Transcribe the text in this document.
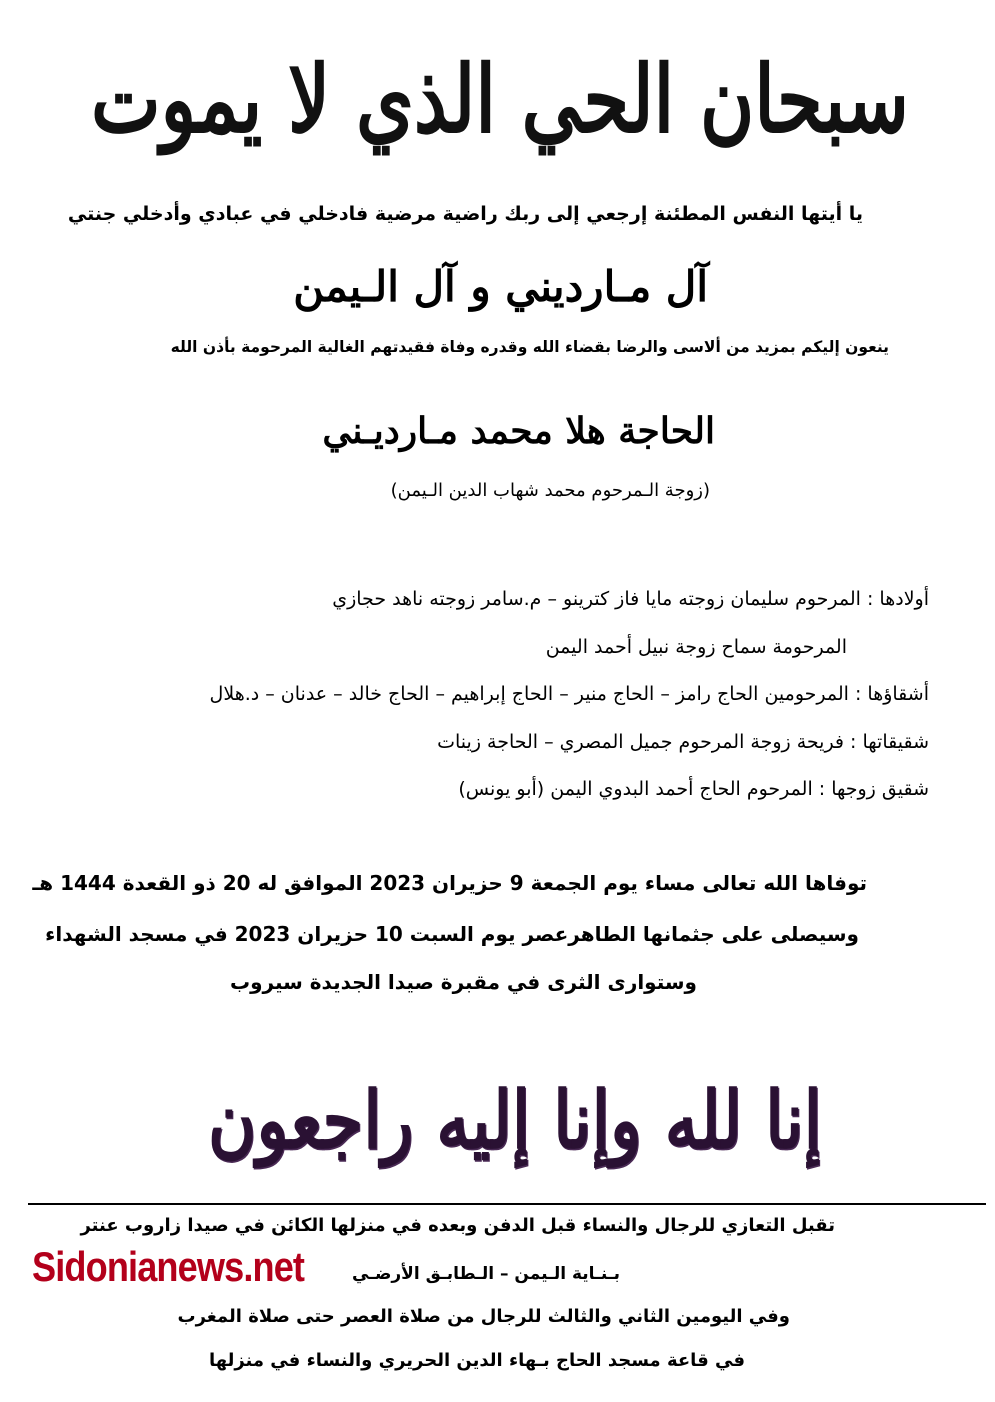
سبحان الحي الذي لا يموت
يا أيتها النفس المطئنة إرجعي إلى ربك راضية مرضية فادخلي في عبادي وأدخلي جنتي
آل مـارديني و آل الـيمن
ينعون إليكم بمزيد من ألاسى والرضا بقضاء الله وقدره وفاة فقيدتهم الغالية المرحومة بأذن الله
الحاجة هلا محمد مـارديـني
(زوجة الـمرحوم محمد شهاب الدين الـيمن)
أولادها : المرحوم سليمان زوجته مايا فاز كترينو – م.سامر زوجته ناهد حجازي
المرحومة سماح زوجة نبيل أحمد اليمن
أشقاؤها : المرحومين الحاج رامز – الحاج منير – الحاج إبراهيم – الحاج خالد – عدنان – د.هلال
شقيقاتها : فريحة زوجة المرحوم جميل المصري – الحاجة زينات
شقيق زوجها : المرحوم الحاج أحمد البدوي اليمن (أبو يونس)
توفاها الله تعالى مساء يوم الجمعة 9 حزيران 2023 الموافق له 20 ذو القعدة 1444 هـ
وسيصلى على جثمانها الطاهرعصر يوم السبت 10 حزيران 2023 في مسجد الشهداء
وستوارى الثرى في مقبرة صيدا الجديدة سيروب
إنا لله وإنا إليه راجعون
تقبل التعازي للرجال والنساء قبل الدفن وبعده في منزلها الكائن في صيدا زاروب عنتر
بـنـاية الـيمن – الـطابـق الأرضـي
وفي اليومين الثاني والثالث للرجال من صلاة العصر حتى صلاة المغرب
في قاعة مسجد الحاج بـهاء الدين الحريري والنساء في منزلها
Sidonianews.net
